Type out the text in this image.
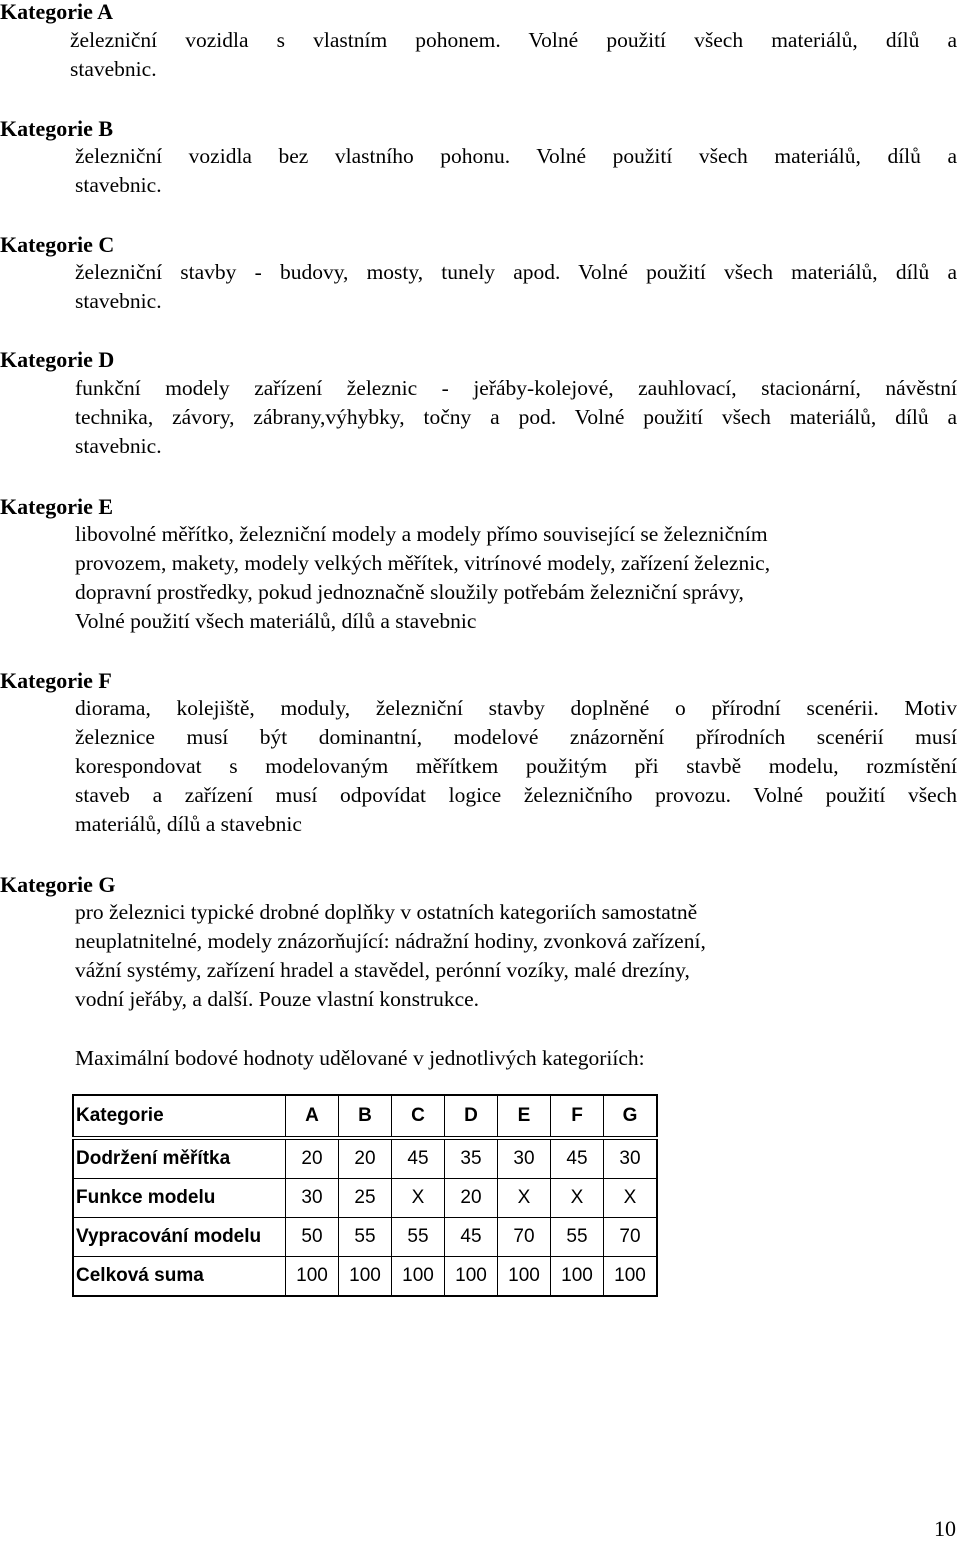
Kategorie A

železniční vozidla s vlastním pohonem. Volné použití všech materiálů, dílů a
stavebnic.

Kategorie B

železniční vozidla bez vlastního pohonu. Volné použití všech materiálů, dílů a
stavebnic.

Kategorie C

železniční stavby - budovy, mosty, tunely apod. Volné použití všech materiálů, dílů a
stavebnic.

Kategorie D

funkční modely zařízení železnic - jeřáby-kolejové, zauhlovací, stacionární, návěstní
technika, závory, zábrany,výhybky, točny a pod. Volné použití všech materiálů, dílů a
stavebnic.

Kategorie E

libovolné měřítko, železniční modely a modely přímo související se železničním
provozem, makety, modely velkých měřítek, vitrínové modely, zařízení železnic,
dopravní prostředky, pokud jednoznačně sloužily potřebám železniční správy,
Volné použití všech materiálů, dílů a stavebnic

Kategorie F

diorama, kolejiště, moduly, železniční stavby doplněné o přírodní scenérii. Motiv
železnice musí být dominantní, modelové znázornění přírodních scenérií musí
korespondovat s modelovaným měřítkem použitým při stavbě modelu, rozmístění
staveb a zařízení musí odpovídat logice železničního provozu. Volné použití všech
materiálů, dílů a stavebnic

Kategorie G

pro železnici typické drobné doplňky v ostatních kategoriích samostatně
neuplatnitelné, modely znázorňující: nádražní hodiny, zvonková zařízení,
vážní systémy, zařízení hradel a stavědel, perónní vozíky, malé drezíny,
vodní jeřáby, a další. Pouze vlastní konstrukce.

Maximální bodové hodnoty udělované v jednotlivých kategoriích:

Kategorie	A	B	C	D	E	F	G
Dodržení měřítka	20	20	45	35	30	45	30
Funkce modelu	30	25	X	20	X	X	X
Vypracování modelu	50	55	55	45	70	55	70
Celková suma	100	100	100	100	100	100	100

10
